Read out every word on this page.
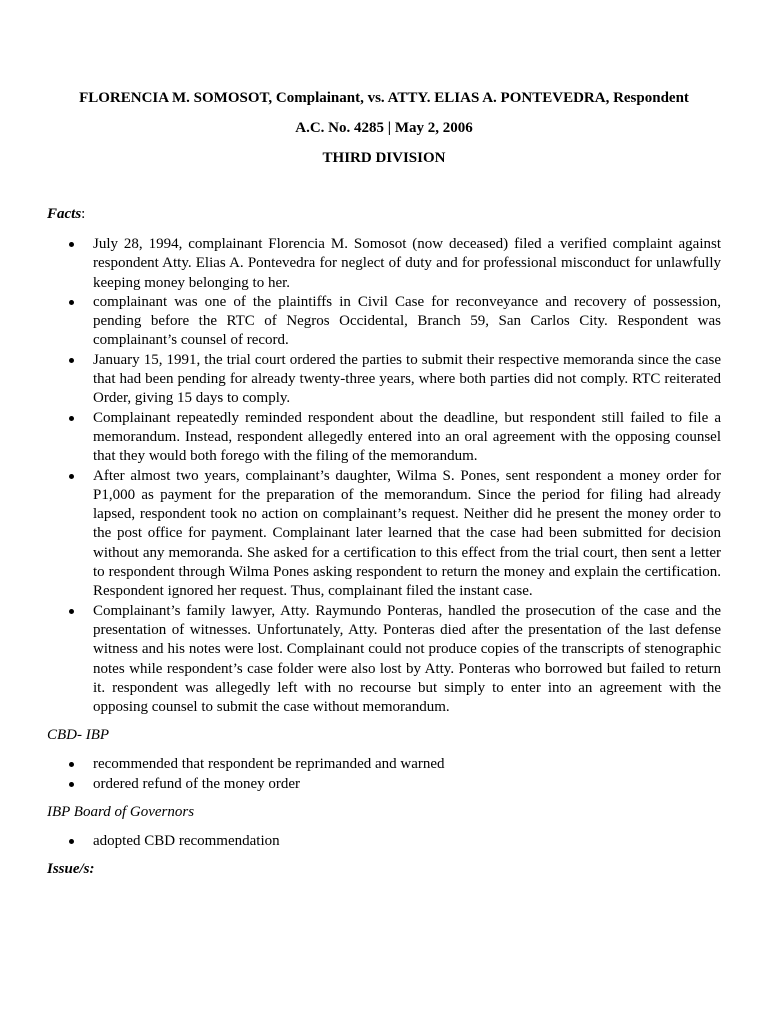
FLORENCIA M. SOMOSOT, Complainant, vs. ATTY. ELIAS A. PONTEVEDRA, Respondent

A.C. No. 4285 | May 2, 2006

THIRD DIVISION

Facts:

July 28, 1994, complainant Florencia M. Somosot (now deceased) filed a verified complaint against respondent Atty. Elias A. Pontevedra for neglect of duty and for professional misconduct for unlawfully keeping money belonging to her.
complainant was one of the plaintiffs in Civil Case for reconveyance and recovery of possession, pending before the RTC of Negros Occidental, Branch 59, San Carlos City. Respondent was complainant’s counsel of record.
January 15, 1991, the trial court ordered the parties to submit their respective memoranda since the case that had been pending for already twenty-three years, where both parties did not comply. RTC reiterated Order, giving 15 days to comply.
Complainant repeatedly reminded respondent about the deadline, but respondent still failed to file a memorandum. Instead, respondent allegedly entered into an oral agreement with the opposing counsel that they would both forego with the filing of the memorandum.
After almost two years, complainant’s daughter, Wilma S. Pones, sent respondent a money order for P1,000 as payment for the preparation of the memorandum. Since the period for filing had already lapsed, respondent took no action on complainant’s request. Neither did he present the money order to the post office for payment. Complainant later learned that the case had been submitted for decision without any memoranda. She asked for a certification to this effect from the trial court, then sent a letter to respondent through Wilma Pones asking respondent to return the money and explain the certification. Respondent ignored her request. Thus, complainant filed the instant case.
Complainant’s family lawyer, Atty. Raymundo Ponteras, handled the prosecution of the case and the presentation of witnesses. Unfortunately, Atty. Ponteras died after the presentation of the last defense witness and his notes were lost. Complainant could not produce copies of the transcripts of stenographic notes while respondent’s case folder were also lost by Atty. Ponteras who borrowed but failed to return it. respondent was allegedly left with no recourse but simply to enter into an agreement with the opposing counsel to submit the case without memorandum.

CBD- IBP

recommended that respondent be reprimanded and warned
ordered refund of the money order

IBP Board of Governors

adopted CBD recommendation

Issue/s:
